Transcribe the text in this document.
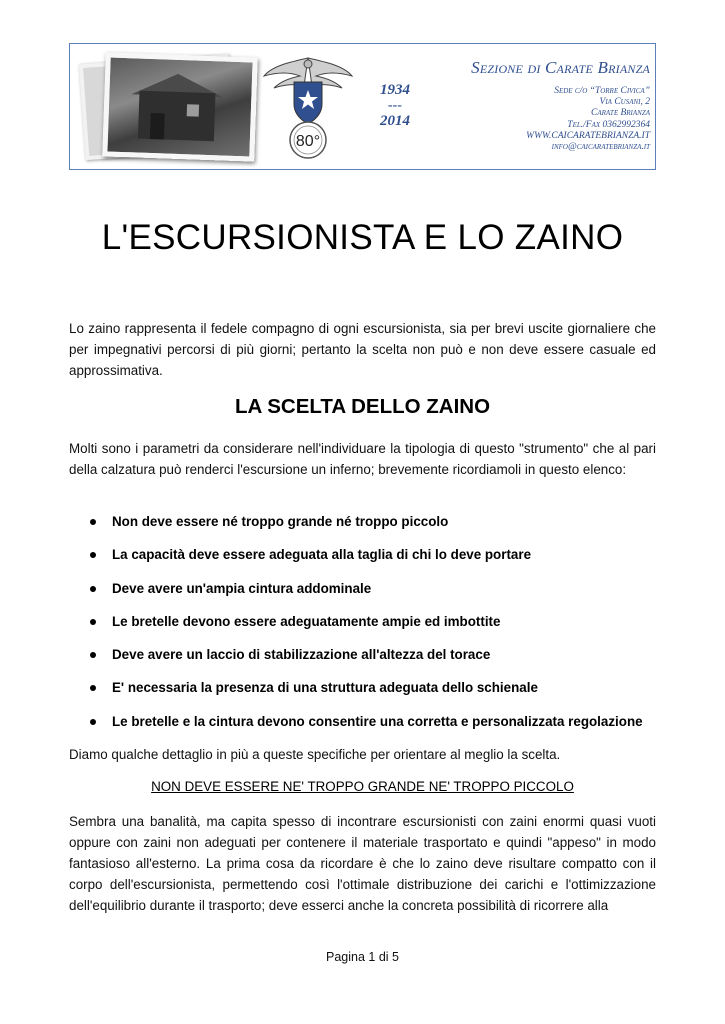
80°
1934
---
2014
Sezione di Carate Brianza
Sede c/o “Torre Civica”
Via Cusani, 2
Carate Brianza
Tel./Fax 0362992364
WWW.CAICARATEBRIANZA.IT
info@caicaratebrianza.it
L'ESCURSIONISTA E LO ZAINO

Lo zaino rappresenta il fedele compagno di ogni escursionista, sia per brevi uscite giornaliere che per impegnativi percorsi di più giorni; pertanto la scelta non può e non deve essere casuale ed approssimativa.

LA SCELTA DELLO ZAINO

Molti sono i parametri da considerare nell'individuare la tipologia di questo "strumento" che al pari della calzatura può renderci l'escursione un inferno; brevemente ricordiamoli in questo elenco:

Non deve essere né troppo grande né troppo piccolo
La capacità deve essere adeguata alla taglia di chi lo deve portare
Deve avere un'ampia cintura addominale
Le bretelle devono essere adeguatamente ampie ed imbottite
Deve avere un laccio di stabilizzazione all'altezza del torace
E' necessaria la presenza di una struttura adeguata dello schienale
Le bretelle e la cintura devono consentire una corretta e personalizzata regolazione

Diamo qualche dettaglio in più a queste specifiche per orientare al meglio la scelta.

NON DEVE ESSERE NE' TROPPO GRANDE NE' TROPPO PICCOLO

Sembra una banalità, ma capita spesso di incontrare escursionisti con zaini enormi quasi vuoti oppure con zaini non adeguati per contenere il materiale trasportato e quindi "appeso" in modo fantasioso all'esterno. La prima cosa da ricordare è che lo zaino deve risultare compatto con il corpo dell'escursionista, permettendo così l'ottimale distribuzione dei carichi e l'ottimizzazione dell'equilibrio durante il trasporto; deve esserci anche la concreta possibilità di ricorrere alla

Pagina 1 di 5
